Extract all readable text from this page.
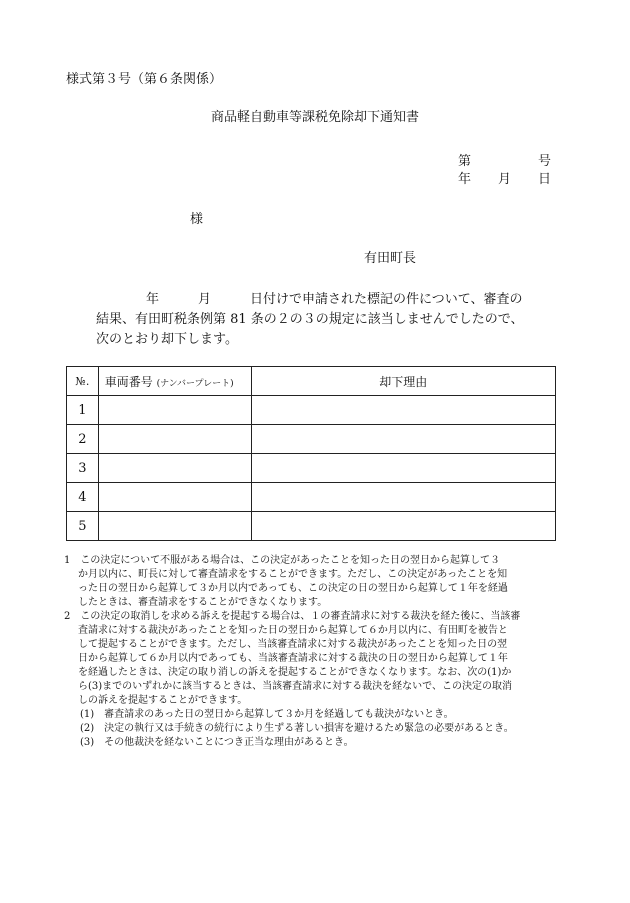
様式第３号（第６条関係）
商品軽自動車等課税免除却下通知書
第	号
年 月 日
様
有田町長
年　　　月　　　日付けで申請された標記の件について、審査の
結果、有田町税条例第 81 条の２の３の規定に該当しませんでしたので、
次のとおり却下します。
№.	車両番号 (ナンバープレート)	却下理由
1		
2		
3		
4		
5		
1　この決定について不服がある場合は、この決定があったことを知った日の翌日から起算して３
か月以内に、町長に対して審査請求をすることができます。ただし、この決定があったことを知
った日の翌日から起算して３か月以内であっても、この決定の日の翌日から起算して１年を経過
したときは、審査請求をすることができなくなります。
2　この決定の取消しを求める訴えを提起する場合は、１の審査請求に対する裁決を経た後に、当該審
査請求に対する裁決があったことを知った日の翌日から起算して６か月以内に、有田町を被告と
して提起することができます。ただし、当該審査請求に対する裁決があったことを知った日の翌
日から起算して６か月以内であっても、当該審査請求に対する裁決の日の翌日から起算して１年
を経過したときは、決定の取り消しの訴えを提起することができなくなります。なお、次の(1)か
ら(3)までのいずれかに該当するときは、当該審査請求に対する裁決を経ないで、この決定の取消
しの訴えを提起することができます。
(1)　審査請求のあった日の翌日から起算して３か月を経過しても裁決がないとき。
(2)　決定の執行又は手続きの続行により生ずる著しい損害を避けるため緊急の必要があるとき。
(3)　その他裁決を経ないことにつき正当な理由があるとき。
